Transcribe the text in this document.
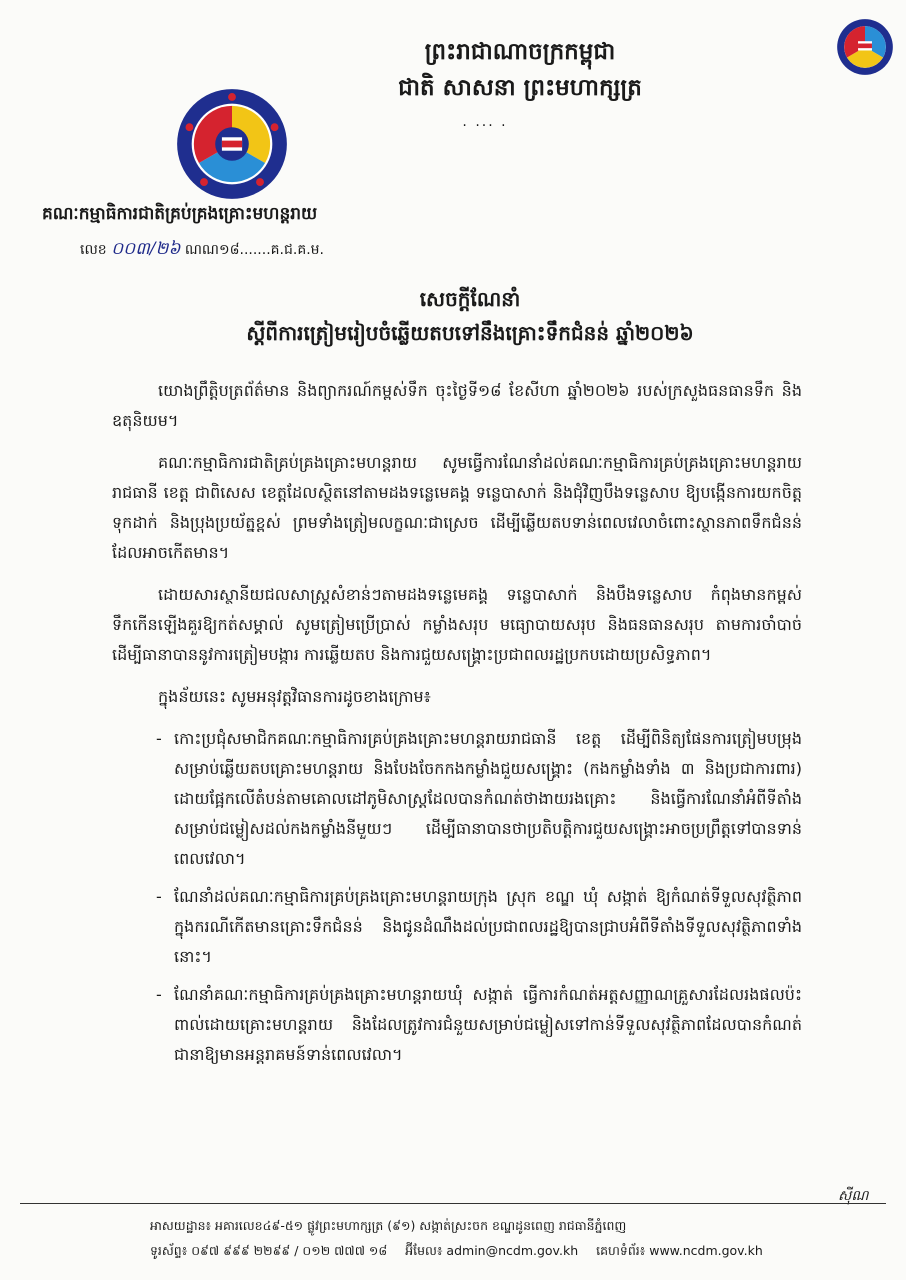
ព្រះរាជាណាចក្រកម្ពុជា
ជាតិ សាសនា ព្រះមហាក្សត្រ
· ··· ·
គណៈកម្មាធិការជាតិគ្រប់គ្រងគ្រោះមហន្តរាយ
លេខ ០០៣/២៦ ណណ១៨.......គ.ជ.គ.ម.
សេចក្តីណែនាំ
ស្តីពីការត្រៀមរៀបចំឆ្លើយតបទៅនឹងគ្រោះទឹកជំនន់ ឆ្នាំ២០២៦

យោងព្រឹត្តិបត្រព័ត៌មាន និងព្យាករណ៍កម្ពស់ទឹក ចុះថ្ងៃទី១៨ ខែសីហា ឆ្នាំ២០២៦ របស់ក្រសួងធនធានទឹក និងឧតុនិយម។

គណៈកម្មាធិការជាតិគ្រប់គ្រងគ្រោះមហន្តរាយ សូមធ្វើការណែនាំដល់គណៈកម្មាធិការគ្រប់គ្រងគ្រោះមហន្តរាយរាជធានី ខេត្ត ជាពិសេស ខេត្តដែលស្ថិតនៅតាមដងទន្លេមេគង្គ ទន្លេបាសាក់ និងជុំវិញបឹងទន្លេសាប ឱ្យបង្កើនការយកចិត្តទុកដាក់ និងប្រុងប្រយ័ត្នខ្ពស់ ព្រមទាំងត្រៀមលក្ខណៈជាស្រេច ដើម្បីឆ្លើយតបទាន់ពេលវេលាចំពោះស្ថានភាពទឹកជំនន់ដែលអាចកើតមាន។

ដោយសារស្ថានីយជលសាស្ត្រសំខាន់ៗតាមដងទន្លេមេគង្គ ទន្លេបាសាក់ និងបឹងទន្លេសាប កំពុងមានកម្ពស់ទឹកកើនឡើងគួរឱ្យកត់សម្គាល់ សូមត្រៀមប្រើប្រាស់ កម្លាំងសរុប មធ្យោបាយសរុប និងធនធានសរុប តាមការចាំបាច់ ដើម្បីធានាបាននូវការត្រៀមបង្ការ ការឆ្លើយតប និងការជួយសង្គ្រោះប្រជាពលរដ្ឋប្រកបដោយប្រសិទ្ធភាព។

ក្នុងន័យនេះ សូមអនុវត្តវិធានការដូចខាងក្រោម៖

- កោះប្រជុំសមាជិកគណៈកម្មាធិការគ្រប់គ្រងគ្រោះមហន្តរាយរាជធានី ខេត្ត ដើម្បីពិនិត្យផែនការត្រៀមបម្រុងសម្រាប់ឆ្លើយតបគ្រោះមហន្តរាយ និងបែងចែកកងកម្លាំងជួយសង្គ្រោះ (កងកម្លាំងទាំង ៣ និងប្រជាការពារ) ដោយផ្អែកលើតំបន់តាមគោលដៅភូមិសាស្ត្រដែលបានកំណត់ថាងាយរងគ្រោះ និងធ្វើការណែនាំអំពីទីតាំងសម្រាប់ជម្លៀសដល់កងកម្លាំងនីមួយៗ ដើម្បីធានាបានថាប្រតិបត្តិការជួយសង្គ្រោះអាចប្រព្រឹត្តទៅបានទាន់ពេលវេលា។
- ណែនាំដល់គណៈកម្មាធិការគ្រប់គ្រងគ្រោះមហន្តរាយក្រុង ស្រុក ខណ្ឌ ឃុំ សង្កាត់ ឱ្យកំណត់ទីទួលសុវត្ថិភាព ក្នុងករណីកើតមានគ្រោះទឹកជំនន់ និងជូនដំណឹងដល់ប្រជាពលរដ្ឋឱ្យបានជ្រាបអំពីទីតាំងទីទួលសុវត្ថិភាពទាំងនោះ។
- ណែនាំគណៈកម្មាធិការគ្រប់គ្រងគ្រោះមហន្តរាយឃុំ សង្កាត់ ធ្វើការកំណត់អត្តសញ្ញាណគ្រួសារដែលរងផលប៉ះពាល់ដោយគ្រោះមហន្តរាយ និងដែលត្រូវការជំនួយសម្រាប់ជម្លៀសទៅកាន់ទីទួលសុវត្ថិភាពដែលបានកំណត់ជានាឱ្យមានអន្តរាគមន៍ទាន់ពេលវេលា។
ស៊ីណ
អាសយដ្ឋាន៖ អគារលេខ៤៩-៥១ ផ្លូវព្រះមហាក្សត្រ (៩១) សង្កាត់ស្រះចក ខណ្ឌដូនពេញ រាជធានីភ្នំពេញ
ទូរស័ព្ទ៖ ០៩៧ ៩៩៩ ២២៩៩ / ០១២ ៧៧៧ ១៨ អ៊ីមែល៖ admin@ncdm.gov.kh គេហទំព័រ៖ www.ncdm.gov.kh
